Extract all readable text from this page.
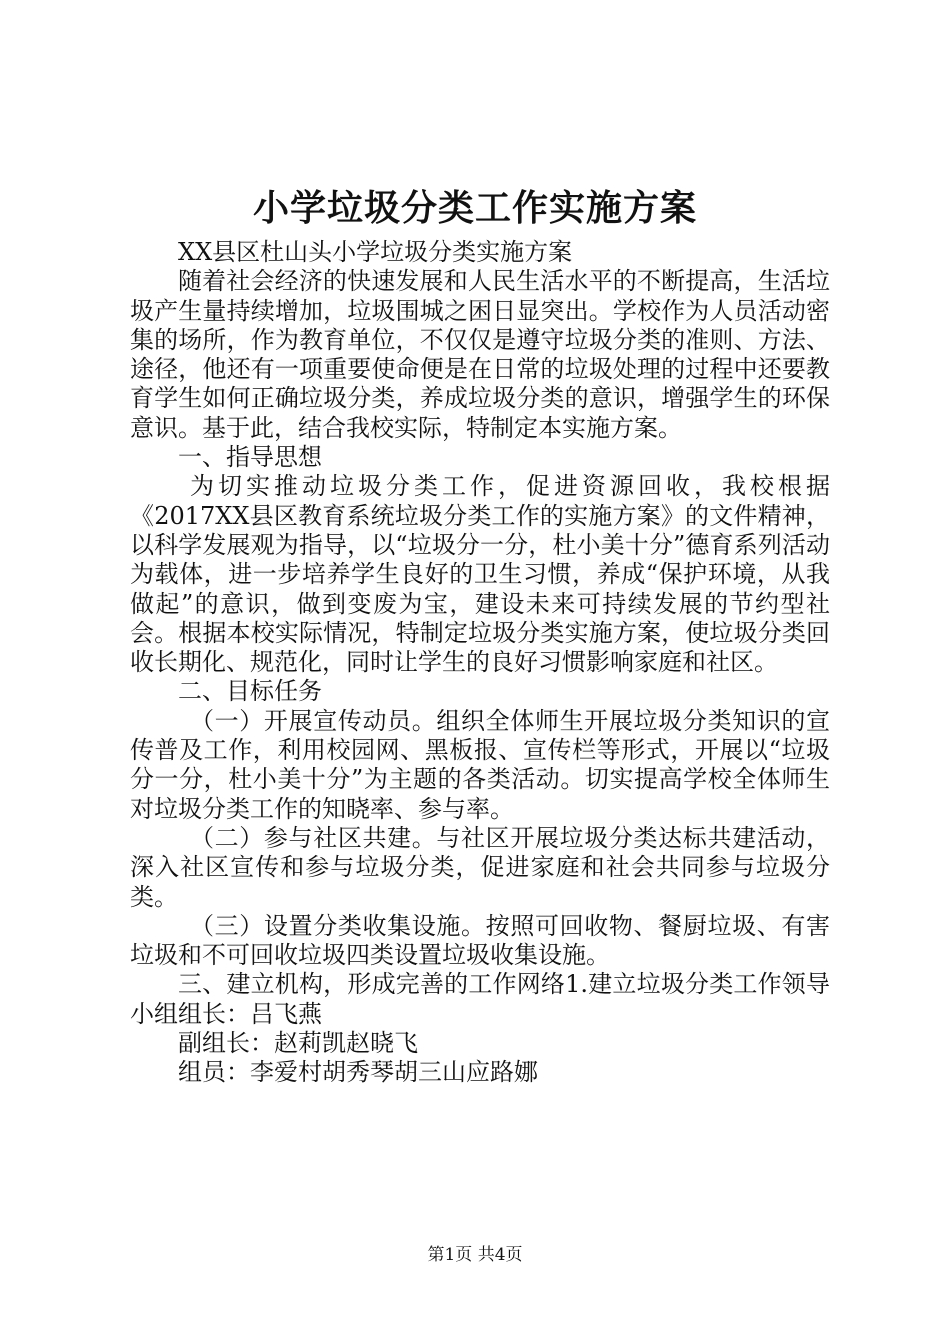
小学垃圾分类工作实施方案

XX县区杜山头小学垃圾分类实施方案

随着社会经济的快速发展和人民生活水平的不断提高，生活垃圾产生量持续增加，垃圾围城之困日显突出。学校作为人员活动密集的场所，作为教育单位，不仅仅是遵守垃圾分类的准则、方法、途径，他还有一项重要使命便是在日常的垃圾处理的过程中还要教育学生如何正确垃圾分类，养成垃圾分类的意识，增强学生的环保意识。基于此，结合我校实际，特制定本实施方案。

一、指导思想

为切实推动垃圾分类工作，促进资源回收，我校根据《2017XX县区教育系统垃圾分类工作的实施方案》的文件精神，以科学发展观为指导，以“垃圾分一分，杜小美十分”德育系列活动为载体，进一步培养学生良好的卫生习惯，养成“保护环境，从我做起”的意识，做到变废为宝，建设未来可持续发展的节约型社会。根据本校实际情况，特制定垃圾分类实施方案，使垃圾分类回收长期化、规范化，同时让学生的良好习惯影响家庭和社区。

二、目标任务

（一）开展宣传动员。组织全体师生开展垃圾分类知识的宣传普及工作，利用校园网、黑板报、宣传栏等形式，开展以“垃圾分一分，杜小美十分”为主题的各类活动。切实提高学校全体师生对垃圾分类工作的知晓率、参与率。

（二）参与社区共建。与社区开展垃圾分类达标共建活动，深入社区宣传和参与垃圾分类，促进家庭和社会共同参与垃圾分类。

（三）设置分类收集设施。按照可回收物、餐厨垃圾、有害垃圾和不可回收垃圾四类设置垃圾收集设施。

三、建立机构，形成完善的工作网络1.建立垃圾分类工作领导小组组长：吕飞燕

副组长：赵莉凯赵晓飞

组员：李爱村胡秀琴胡三山应路娜

第1页 共4页
